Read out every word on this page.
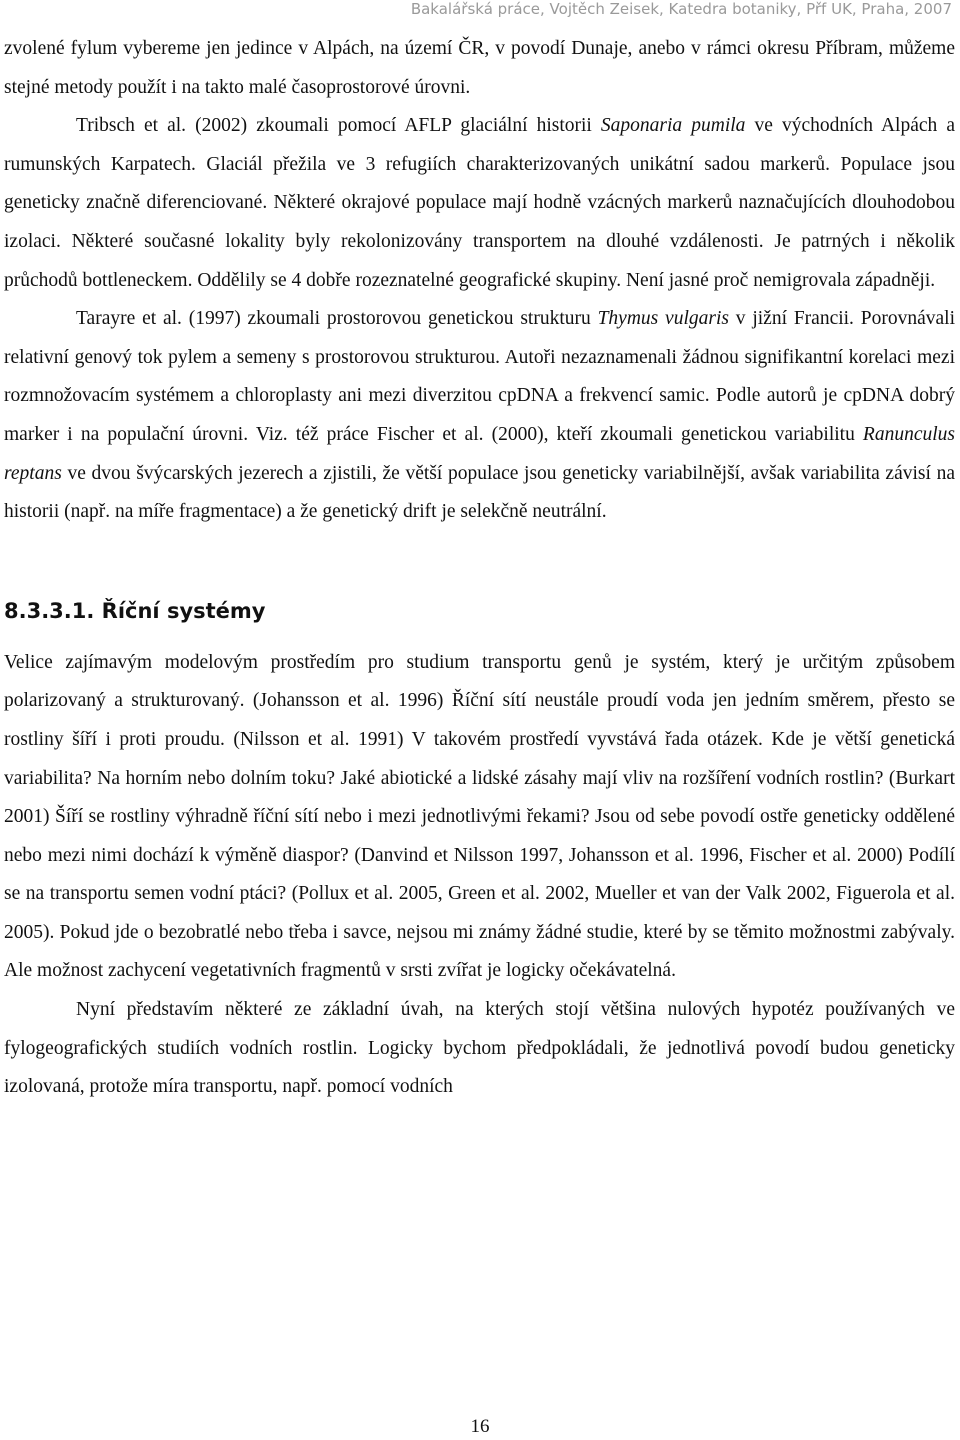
Bakalářská práce, Vojtěch Zeisek, Katedra botaniky, Přf UK, Praha, 2007

zvolené fylum vybereme jen jedince v Alpách, na území ČR, v povodí Dunaje, anebo v rámci okresu Příbram, můžeme stejné metody použít i na takto malé časoprostorové úrovni.

Tribsch et al. (2002) zkoumali pomocí AFLP glaciální historii Saponaria pumila ve východních Alpách a rumunských Karpatech. Glaciál přežila ve 3 refugiích charakterizovaných unikátní sadou markerů. Populace jsou geneticky značně diferenciované. Některé okrajové populace mají hodně vzácných markerů naznačujících dlouhodobou izolaci. Některé současné lokality byly rekolonizovány transportem na dlouhé vzdálenosti. Je patrných i několik průchodů bottleneckem. Oddělily se 4 dobře rozeznatelné geografické skupiny. Není jasné proč nemigrovala západněji.

Tarayre et al. (1997) zkoumali prostorovou genetickou strukturu Thymus vulgaris v jižní Francii. Porovnávali relativní genový tok pylem a semeny s prostorovou strukturou. Autoři nezaznamenali žádnou signifikantní korelaci mezi rozmnožovacím systémem a chloroplasty ani mezi diverzitou cpDNA a frekvencí samic. Podle autorů je cpDNA dobrý marker i na populační úrovni. Viz. též práce Fischer et al. (2000), kteří zkoumali genetickou variabilitu Ranunculus reptans ve dvou švýcarských jezerech a zjistili, že větší populace jsou geneticky variabilnější, avšak variabilita závisí na historii (např. na míře fragmentace) a že genetický drift je selekčně neutrální.

8.3.3.1. Říční systémy

Velice zajímavým modelovým prostředím pro studium transportu genů je systém, který je určitým způsobem polarizovaný a strukturovaný. (Johansson et al. 1996) Říční sítí neustále proudí voda jen jedním směrem, přesto se rostliny šíří i proti proudu. (Nilsson et al. 1991) V takovém prostředí vyvstává řada otázek. Kde je větší genetická variabilita? Na horním nebo dolním toku? Jaké abiotické a lidské zásahy mají vliv na rozšíření vodních rostlin? (Burkart 2001) Šíří se rostliny výhradně říční sítí nebo i mezi jednotlivými řekami? Jsou od sebe povodí ostře geneticky oddělené nebo mezi nimi dochází k výměně diaspor? (Danvind et Nilsson 1997, Johansson et al. 1996, Fischer et al. 2000) Podílí se na transportu semen vodní ptáci? (Pollux et al. 2005, Green et al. 2002, Mueller et van der Valk 2002, Figuerola et al. 2005). Pokud jde o bezobratlé nebo třeba i savce, nejsou mi známy žádné studie, které by se těmito možnostmi zabývaly. Ale možnost zachycení vegetativních fragmentů v srsti zvířat je logicky očekávatelná.

Nyní představím některé ze základní úvah, na kterých stojí většina nulových hypotéz používaných ve fylogeografických studiích vodních rostlin. Logicky bychom předpokládali, že jednotlivá povodí budou geneticky izolovaná, protože míra transportu, např. pomocí vodních

16
